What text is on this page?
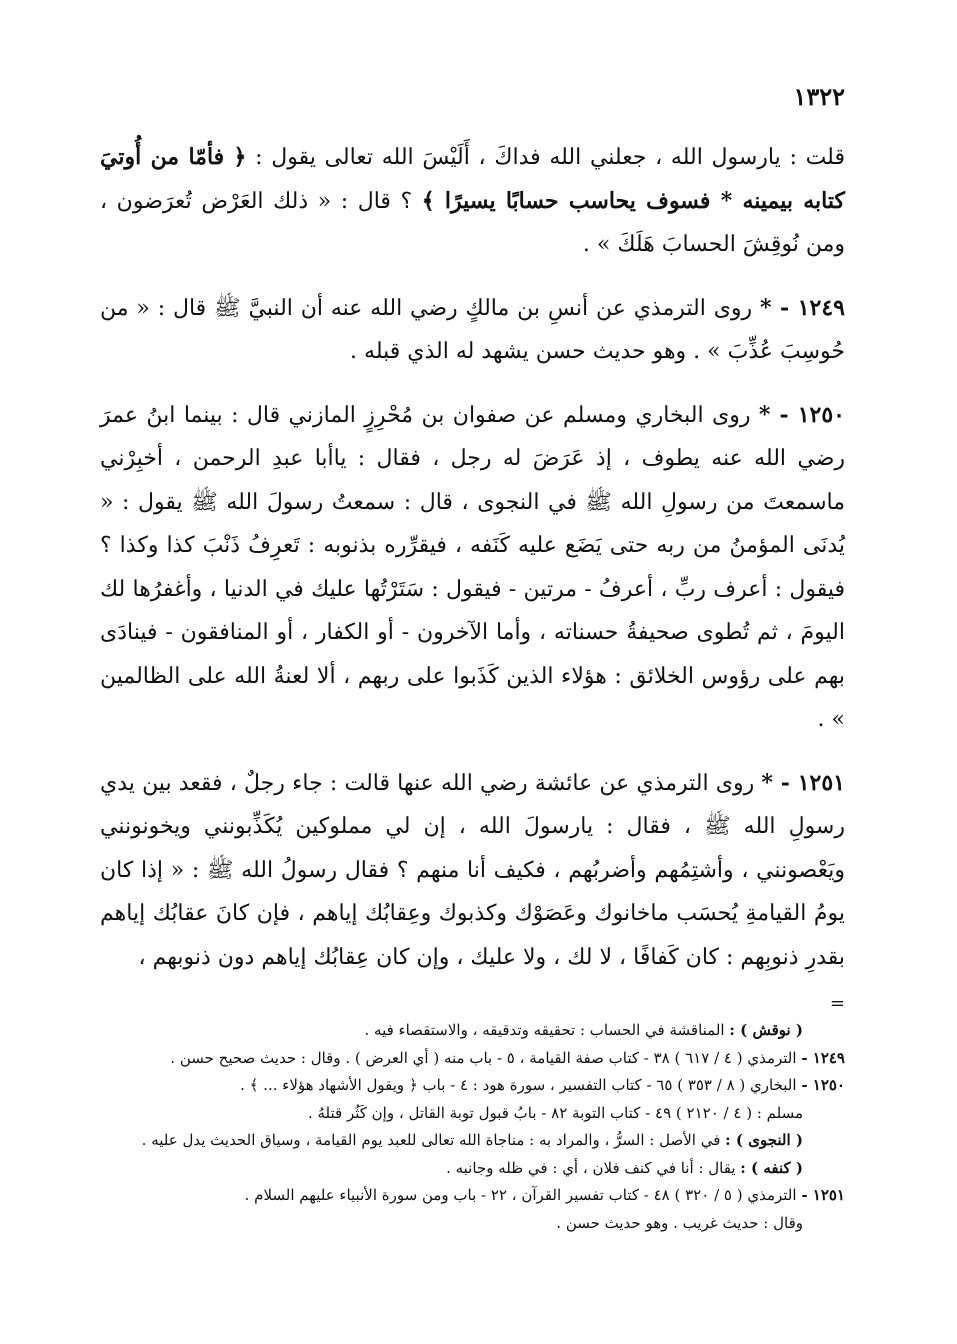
١٣٢٢

قلت : يارسول الله ، جعلني الله فداكَ ، أَلَيْسَ الله تعالى يقول : ﴿ فأمّا من أُوتيَ كتابه بيمينه * فسوف يحاسب حسابًا يسيرًا ﴾ ؟ قال : « ذلك العَرْض تُعرَضون ، ومن نُوقِشَ الحسابَ هَلَكَ » .

١٢٤٩ - * روى الترمذي عن أنسِ بن مالكٍ رضي الله عنه أن النبيَّ ﷺ قال : « من حُوسِبَ عُذِّبَ » . وهو حديث حسن يشهد له الذي قبله .

١٢٥٠ - * روى البخاري ومسلم عن صفوان بن مُحْرِزٍ المازني قال : بينما ابنُ عمرَ رضي الله عنه يطوف ، إذ عَرَضَ له رجل ، فقال : ياأبا عبدِ الرحمن ، أخبِرْني ماسمعتَ من رسولِ الله ﷺ في النجوى ، قال : سمعتُ رسولَ الله ﷺ يقول : « يُدنَى المؤمنُ من ربه حتى يَضَع عليه كَنَفه ، فيقرِّره بذنوبه : تَعرِفُ ذَنْبَ كذا وكذا ؟ فيقول : أعرف ربِّ ، أعرفُ - مرتين - فيقول : سَتَرْتُها عليك في الدنيا ، وأغفرُها لك اليومَ ، ثم تُطوى صحيفةُ حسناته ، وأما الآخرون - أو الكفار ، أو المنافقون - فينادَى بهم على رؤوس الخلائق : هؤلاء الذين كَذَبوا على ربهم ، ألا لعنةُ الله على الظالمين » .

١٢٥١ - * روى الترمذي عن عائشة رضي الله عنها قالت : جاء رجلٌ ، فقعد بين يدي رسولِ الله ﷺ ، فقال : يارسولَ الله ، إن لي مملوكين يُكَذِّبونني ويخونونني ويَعْصونني ، وأشتِمُهم وأضربُهم ، فكيف أنا منهم ؟ فقال رسولُ الله ﷺ : « إذا كان يومُ القيامةِ يُحسَب ماخانوك وعَصَوْك وكذبوك وعِقابُك إياهم ، فإن كانَ عقابُك إياهم بقدرِ ذنوبِهم : كان كَفافًا ، لا لك ، ولا عليك ، وإن كان عِقابُك إياهم دون ذنوبهم ،

=

( نوقش ) : المناقشة في الحساب : تحقيقه وتدقيقه ، والاستقصاء فيه .

١٢٤٩ - الترمذي ( ٤ / ٦١٧ ) ٣٨ - كتاب صفة القيامة ، ٥ - باب منه ( أي العرض ) . وقال : حديث صحيح حسن .

١٢٥٠ - البخاري ( ٨ / ٣٥٣ ) ٦٥ - كتاب التفسير ، سورة هود : ٤ - باب ﴿ ويقول الأشهاد هؤلاء ... ﴾ .

مسلم : ( ٤ / ٢١٢٠ ) ٤٩ - كتاب التوبة ٨٢ - بابُ قبول توبة القاتل ، وإن كَثُر قتلهُ .

( النجوى ) : في الأصل : السرُّ ، والمراد به : مناجاة الله تعالى للعبد يوم القيامة ، وسياق الحديث يدل عليه .

( كنفه ) : يقال : أنا في كنف فلان ، أي : في ظله وجانبه .

١٢٥١ - الترمذي ( ٥ / ٣٢٠ ) ٤٨ - كتاب تفسير القرآن ، ٢٢ - باب ومن سورة الأنبياء عليهم السلام .

وقال : حديث غريب . وهو حديث حسن .
